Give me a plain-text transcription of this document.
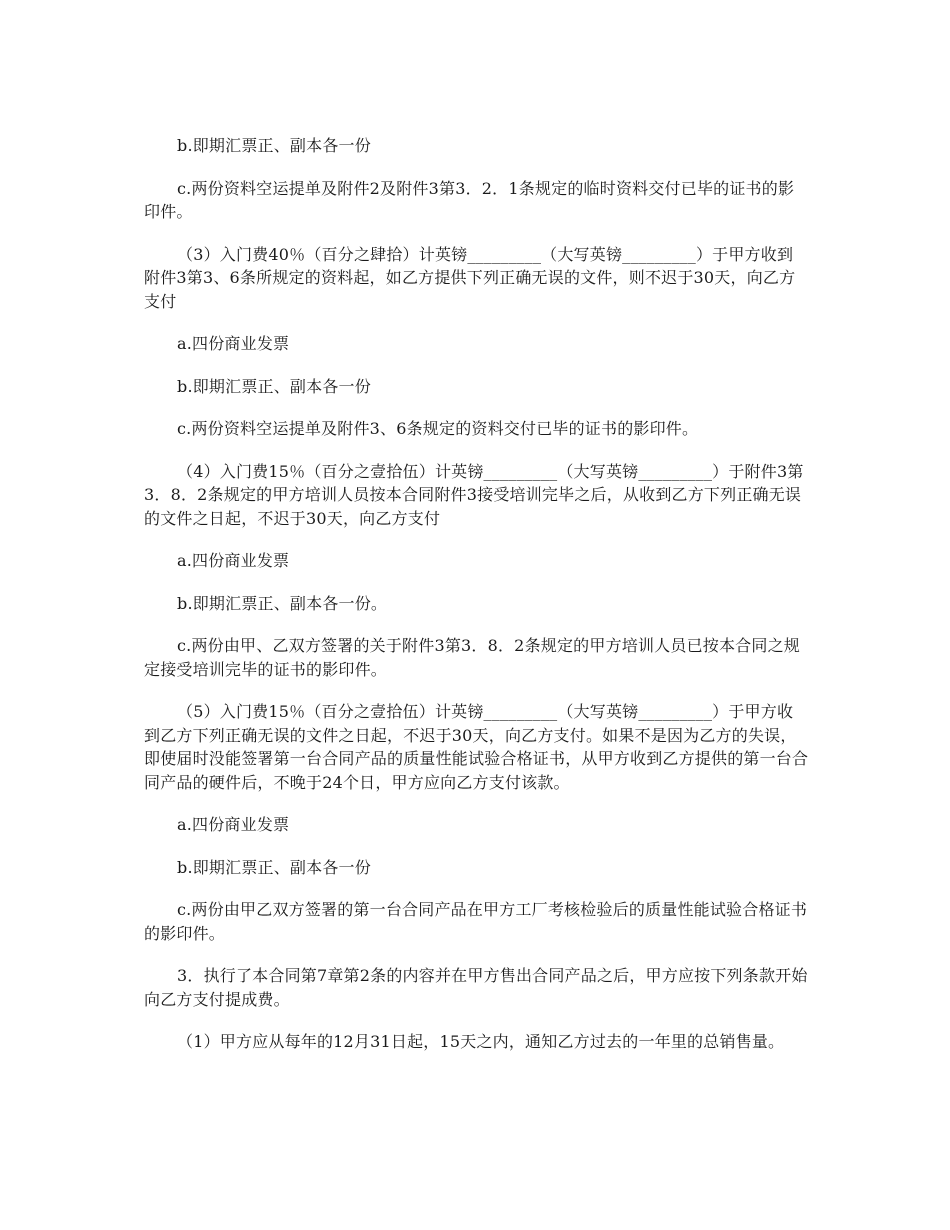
b.即期汇票正、副本各一份

c.两份资料空运提单及附件2及附件3第3．2．1条规定的临时资料交付已毕的证书的影印件。

（3）入门费40％（百分之肆拾）计英镑_________（大写英镑_________）于甲方收到附件3第3、6条所规定的资料起，如乙方提供下列正确无误的文件，则不迟于30天，向乙方支付

a.四份商业发票

b.即期汇票正、副本各一份

c.两份资料空运提单及附件3、6条规定的资料交付已毕的证书的影印件。

（4）入门费15％（百分之壹拾伍）计英镑_________（大写英镑_________）于附件3第3．8．2条规定的甲方培训人员按本合同附件3接受培训完毕之后，从收到乙方下列正确无误的文件之日起，不迟于30天，向乙方支付

a.四份商业发票

b.即期汇票正、副本各一份。

c.两份由甲、乙双方签署的关于附件3第3．8．2条规定的甲方培训人员已按本合同之规定接受培训完毕的证书的影印件。

（5）入门费15％（百分之壹拾伍）计英镑_________（大写英镑_________）于甲方收到乙方下列正确无误的文件之日起，不迟于30天，向乙方支付。如果不是因为乙方的失误，即使届时没能签署第一台合同产品的质量性能试验合格证书，从甲方收到乙方提供的第一台合同产品的硬件后，不晚于24个日，甲方应向乙方支付该款。

a.四份商业发票

b.即期汇票正、副本各一份

c.两份由甲乙双方签署的第一台合同产品在甲方工厂考核检验后的质量性能试验合格证书的影印件。

3．执行了本合同第7章第2条的内容并在甲方售出合同产品之后，甲方应按下列条款开始向乙方支付提成费。

（1）甲方应从每年的12月31日起，15天之内，通知乙方过去的一年里的总销售量。
